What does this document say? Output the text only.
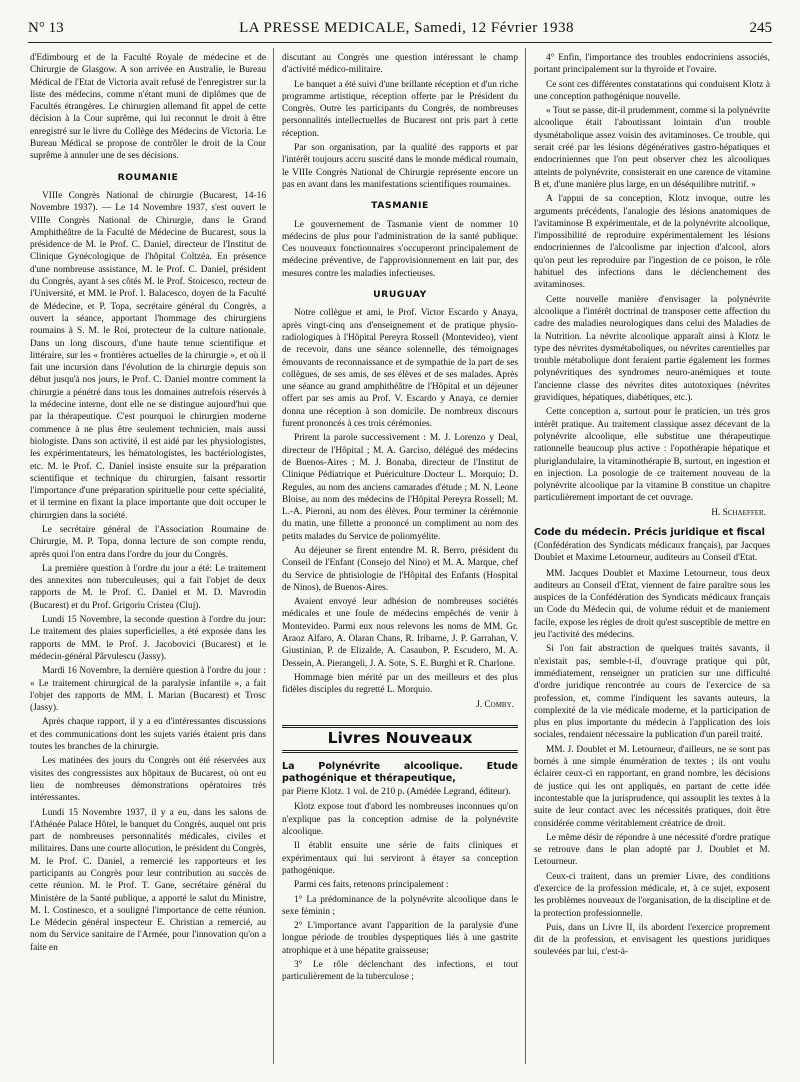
N° 13	LA PRESSE MEDICALE, Samedi, 12 Février 1938	245

d'Edimbourg et de la Faculté Royale de médecine et de Chirurgie de Glasgow. A son arrivée en Australie, le Bureau Médical de l'Etat de Victoria avait refusé de l'enregistrer sur la liste des médecins, comme n'étant muni de diplômes que de Facultés étrangères. Le chirurgien allemand fit appel de cette décision à la Cour suprême, qui lui reconnut le droit à être enregistré sur le livre du Collège des Médecins de Victoria. Le Bureau Médical se propose de contrôler le droit de la Cour suprême à annuler une de ses décisions.

ROUMANIE

VIIIe Congrès National de chirurgie (Bucarest, 14-16 Novembre 1937). — Le 14 Novembre 1937, s'est ouvert le VIIIe Congrès National de Chirurgie, dans le Grand Amphithéâtre de la Faculté de Médecine de Bucarest, sous la présidence de M. le Prof. C. Daniel, directeur de l'Institut de Clinique Gynécologique de l'hôpital Coltzéa. En présence d'une nombreuse assistance, M. le Prof. C. Daniel, président du Congrès, ayant à ses côtés M. le Prof. Stoicesco, recteur de l'Université, et MM. le Prof. I. Balacesco, doyen de la Faculté de Médecine, et P. Topa, secrétaire général du Congrès, a ouvert la séance, apportant l'hommage des chirurgiens roumains à S. M. le Roi, protecteur de la culture nationale. Dans un long discours, d'une haute tenue scientifique et littéraire, sur les « frontières actuelles de la chirurgie », et où il fait une incursion dans l'évolution de la chirurgie depuis son début jusqu'à nos jours, le Prof. C. Daniel montre comment la chirurgie a pénétré dans tous les domaines autrefois réservés à la médecine interne, dont elle ne se distingue aujourd'hui que par la thérapeutique. C'est pourquoi le chirurgien moderne commence à ne plus être seulement technicien, mais aussi biologiste. Dans son activité, il est aidé par les physiologistes, les expérimentateurs, les hématologistes, les bactériologistes, etc. M. le Prof. C. Daniel insiste ensuite sur la préparation scientifique et technique du chirurgien, faisant ressortir l'importance d'une préparation spirituelle pour cette spécialité, et il termine en fixant la place importante que doit occuper le chirurgien dans la société.

Le secrétaire général de l'Association Roumaine de Chirurgie, M. P. Topa, donna lecture de son compte rendu, après quoi l'on entra dans l'ordre du jour du Congrès.

La première question à l'ordre du jour a été: Le traitement des annexites non tuberculeuses, qui a fait l'objet de deux rapports de M. le Prof. C. Daniel et M. D. Mavrodin (Bucarest) et du Prof. Grigoriu Cristea (Cluj).

Lundi 15 Novembre, la seconde question à l'ordre du jour: Le traitement des plaies superficielles, a été exposée dans les rapports de MM. le Prof. J. Jacobovici (Bucarest) et le médecin-général Pârvulescu (Jassy).

Mardi 16 Novembre, la dernière question à l'ordre du jour : « Le traitement chirurgical de la paralysie infantile », a fait l'objet des rapports de MM. I. Marian (Bucarest) et Trosc (Jassy).

Après chaque rapport, il y a eu d'intéressantes discussions et des communications dont les sujets variés étaient pris dans toutes les branches de la chirurgie.

Les matinées des jours du Congrès ont été réservées aux visites des congressistes aux hôpitaux de Bucarest, où ont eu lieu de nombreuses démonstrations opératoires très intéressantes.

Lundi 15 Novembre 1937, il y a eu, dans les salons de l'Athénée Palace Hôtel, le banquet du Congrès, auquel ont pris part de nombreuses personnalités médicales, civiles et militaires. Dans une courte allocution, le président du Congrès, M. le Prof. C. Daniel, a remercié les rapporteurs et les participants au Congrès pour leur contribution au succès de cette réunion. M. le Prof. T. Gane, secrétaire général du Ministère de la Santé publique, a apporté le salut du Ministre, M. I. Costinesco, et a souligné l'importance de cette réunion. Le Médecin général inspecteur E. Christian a remercié, au nom du Service sanitaire de l'Armée, pour l'innovation qu'on a faite en

discutant au Congrès une question intéressant le champ d'activité médico-militaire.

Le banquet a été suivi d'une brillante réception et d'un riche programme artistique, réception offerte par le Président du Congrès. Outre les participants du Congrès, de nombreuses personnalités intellectuelles de Bucarest ont pris part à cette réception.

Par son organisation, par la qualité des rapports et par l'intérêt toujours accru suscité dans le monde médical roumain, le VIIIe Congrès National de Chirurgie représente encore un pas en avant dans les manifestations scientifiques roumaines.

TASMANIE

Le gouvernement de Tasmanie vient de nommer 10 médecins de plus pour l'administration de la santé publique. Ces nouveaux fonctionnaires s'occuperont principalement de médecine préventive, de l'approvisionnement en lait pur, des mesures contre les maladies infectieuses.

URUGUAY

Notre collègue et ami, le Prof. Victor Escardo y Anaya, après vingt-cinq ans d'enseignement et de pratique physio-radiologiques à l'Hôpital Pereyra Rossell (Montevideo), vient de recevoir, dans une séance solennelle, des témoignages émouvants de reconnaissance et de sympathie de la part de ses collègues, de ses amis, de ses élèves et de ses malades. Après une séance au grand amphithéâtre de l'Hôpital et un déjeuner offert par ses amis au Prof. V. Escardo y Anaya, ce dernier donna une réception à son domicile. De nombreux discours furent prononcés à ces trois cérémonies.

Prirent la parole successivement : M. J. Lorenzo y Deal, directeur de l'Hôpital ; M. A. Garciso, délégué des médecins de Buenos-Aires ; M. J. Bonaba, directeur de l'Institut de Clinique Pédiatrique et Puériculture Docteur L. Morquio; D. Regules, au nom des anciens camarades d'étude ; M. N. Leone Bloise, au nom des médecins de l'Hôpital Pereyra Rossell; M. L.-A. Pieroni, au nom des élèves. Pour terminer la cérémonie du matin, une fillette a prononcé un compliment au nom des petits malades du Service de poliomyélite.

Au déjeuner se firent entendre M. R. Berro, président du Conseil de l'Enfant (Consejo del Nino) et M. A. Marque, chef du Service de phtisiologie de l'Hôpital des Enfants (Hospital de Ninos), de Buenos-Aires.

Avaient envoyé leur adhésion de nombreuses sociétés médicales et une foule de médecins empêchés de venir à Montevideo. Parmi eux nous relevons les noms de MM. Gr. Araoz Alfaro, A. Olaran Chans, R. Iribarne, J. P. Garrahan, V. Giustinian, P. de Elizalde, A. Casaubon, P. Escudero, M. A. Dessein, A. Pierangeli, J. A. Sote, S. E. Burghi et R. Charlone.

Hommage bien mérité par un des meilleurs et des plus fidèles disciples du regretté L. Morquio.

J. Comby.

Livres Nouveaux
La Polynévrite alcoolique. Etude pathogénique et thérapeutique,

par Pierre Klotz. 1 vol. de 210 p. (Amédée Legrand, éditeur).

Klotz expose tout d'abord les nombreuses inconnues qu'on n'explique pas la conception admise de la polynévrite alcoolique.

Il établit ensuite une série de faits cliniques et expérimentaux qui lui serviront à étayer sa conception pathogénique.

Parmi ces faits, retenons principalement :

1° La prédominance de la polynévrite alcoolique dans le sexe féminin ;

2° L'importance avant l'apparition de la paralysie d'une longue période de troubles dyspeptiques liés à une gastrite atrophique et à une hépatite graisseuse;

3° Le rôle déclenchant des infections, et tout particulièrement de la tuberculose ;

4° Enfin, l'importance des troubles endocriniens associés, portant principalement sur la thyroïde et l'ovaire.

Ce sont ces différentes constatations qui conduisent Klotz à une conception pathogénique nouvelle.

« Tout se passe, dit-il prudemment, comme si la polynévrite alcoolique était l'aboutissant lointain d'un trouble dysmétabolique assez voisin des avitaminoses. Ce trouble, qui serait créé par les lésions dégénératives gastro-hépatiques et endocriniennes que l'on peut observer chez les alcooliques atteints de polynévrite, consisterait en une carence de vitamine B et, d'une manière plus large, en un déséquilibre nutritif. »

A l'appui de sa conception, Klotz invoque, outre les arguments précédents, l'analogie des lésions anatomiques de l'avitaminose B expérimentale, et de la polynévrite alcoolique, l'impossibilité de reproduire expérimentalement les lésions endocriniennes de l'alcoolisme par injection d'alcool, alors qu'on peut les reproduire par l'ingestion de ce poison, le rôle habituel des infections dans le déclenchement des avitaminoses.

Cette nouvelle manière d'envisager la polynévrite alcoolique a l'intérêt doctrinal de transposer cette affection du cadre des maladies neurologiques dans celui des Maladies de la Nutrition. La névrite alcoolique apparaît ainsi à Klotz le type des névrites dysmétaboliques, ou névrites carentielles par trouble métabolique dont feraient partie également les formes polynévritiques des syndromes neuro-anémiques et toute l'ancienne classe des névrites dites autotoxiques (névrites gravidiques, hépatiques, diabétiques, etc.).

Cette conception a, surtout pour le praticien, un très gros intérêt pratique. Au traitement classique assez décevant de la polynévrite alcoolique, elle substitue une thérapeutique rationnelle beaucoup plus active : l'opothérapie hépatique et pluriglandulaire, la vitaminothérapie B, surtout, en ingestion et en injection. La posologie de ce traitement nouveau de la polynévrite alcoolique par la vitamine B constitue un chapitre particulièrement important de cet ouvrage.

H. Schaeffer.

Code du médecin. Précis juridique et fiscal

(Confédération des Syndicats médicaux français), par Jacques Doublet et Maxime Letourneur, auditeurs au Conseil d'Etat.

MM. Jacques Doublet et Maxime Letourneur, tous deux auditeurs au Conseil d'Etat, viennent de faire paraître sous les auspices de la Confédération des Syndicats médicaux français un Code du Médecin qui, de volume réduit et de maniement facile, expose les règles de droit qu'est susceptible de mettre en jeu l'activité des médecins.

Si l'on fait abstraction de quelques traités savants, il n'existait pas, semble-t-il, d'ouvrage pratique qui pût, immédiatement, renseigner un praticien sur une difficulté d'ordre juridique rencontrée au cours de l'exercice de sa profession, et, comme l'indiquent les savants auteurs, la complexité de la vie médicale moderne, et la participation de plus en plus importante du médecin à l'application des lois sociales, rendaient nécessaire la publication d'un pareil traité.

MM. J. Doublet et M. Letourneur, d'ailleurs, ne se sont pas bornés à une simple énumération de textes ; ils ont voulu éclairer ceux-ci en rapportant, en grand nombre, les décisions de justice qui les ont appliqués, en partant de cette idée incontestable que la jurisprudence, qui assouplit les textes à la suite de leur contact avec les nécessités pratiques, doit être considérée comme véritablement créatrice de droit.

Le même désir de répondre à une nécessité d'ordre pratique se retrouve dans le plan adopté par J. Doublet et M. Letourneur.

Ceux-ci traitent, dans un premier Livre, des conditions d'exercice de la profession médicale, et, à ce sujet, exposent les problèmes nouveaux de l'organisation, de la discipline et de la protection professionnelle.

Puis, dans un Livre II, ils abordent l'exercice proprement dit de la profession, et envisagent les questions juridiques soulevées par lui, c'est-à-
